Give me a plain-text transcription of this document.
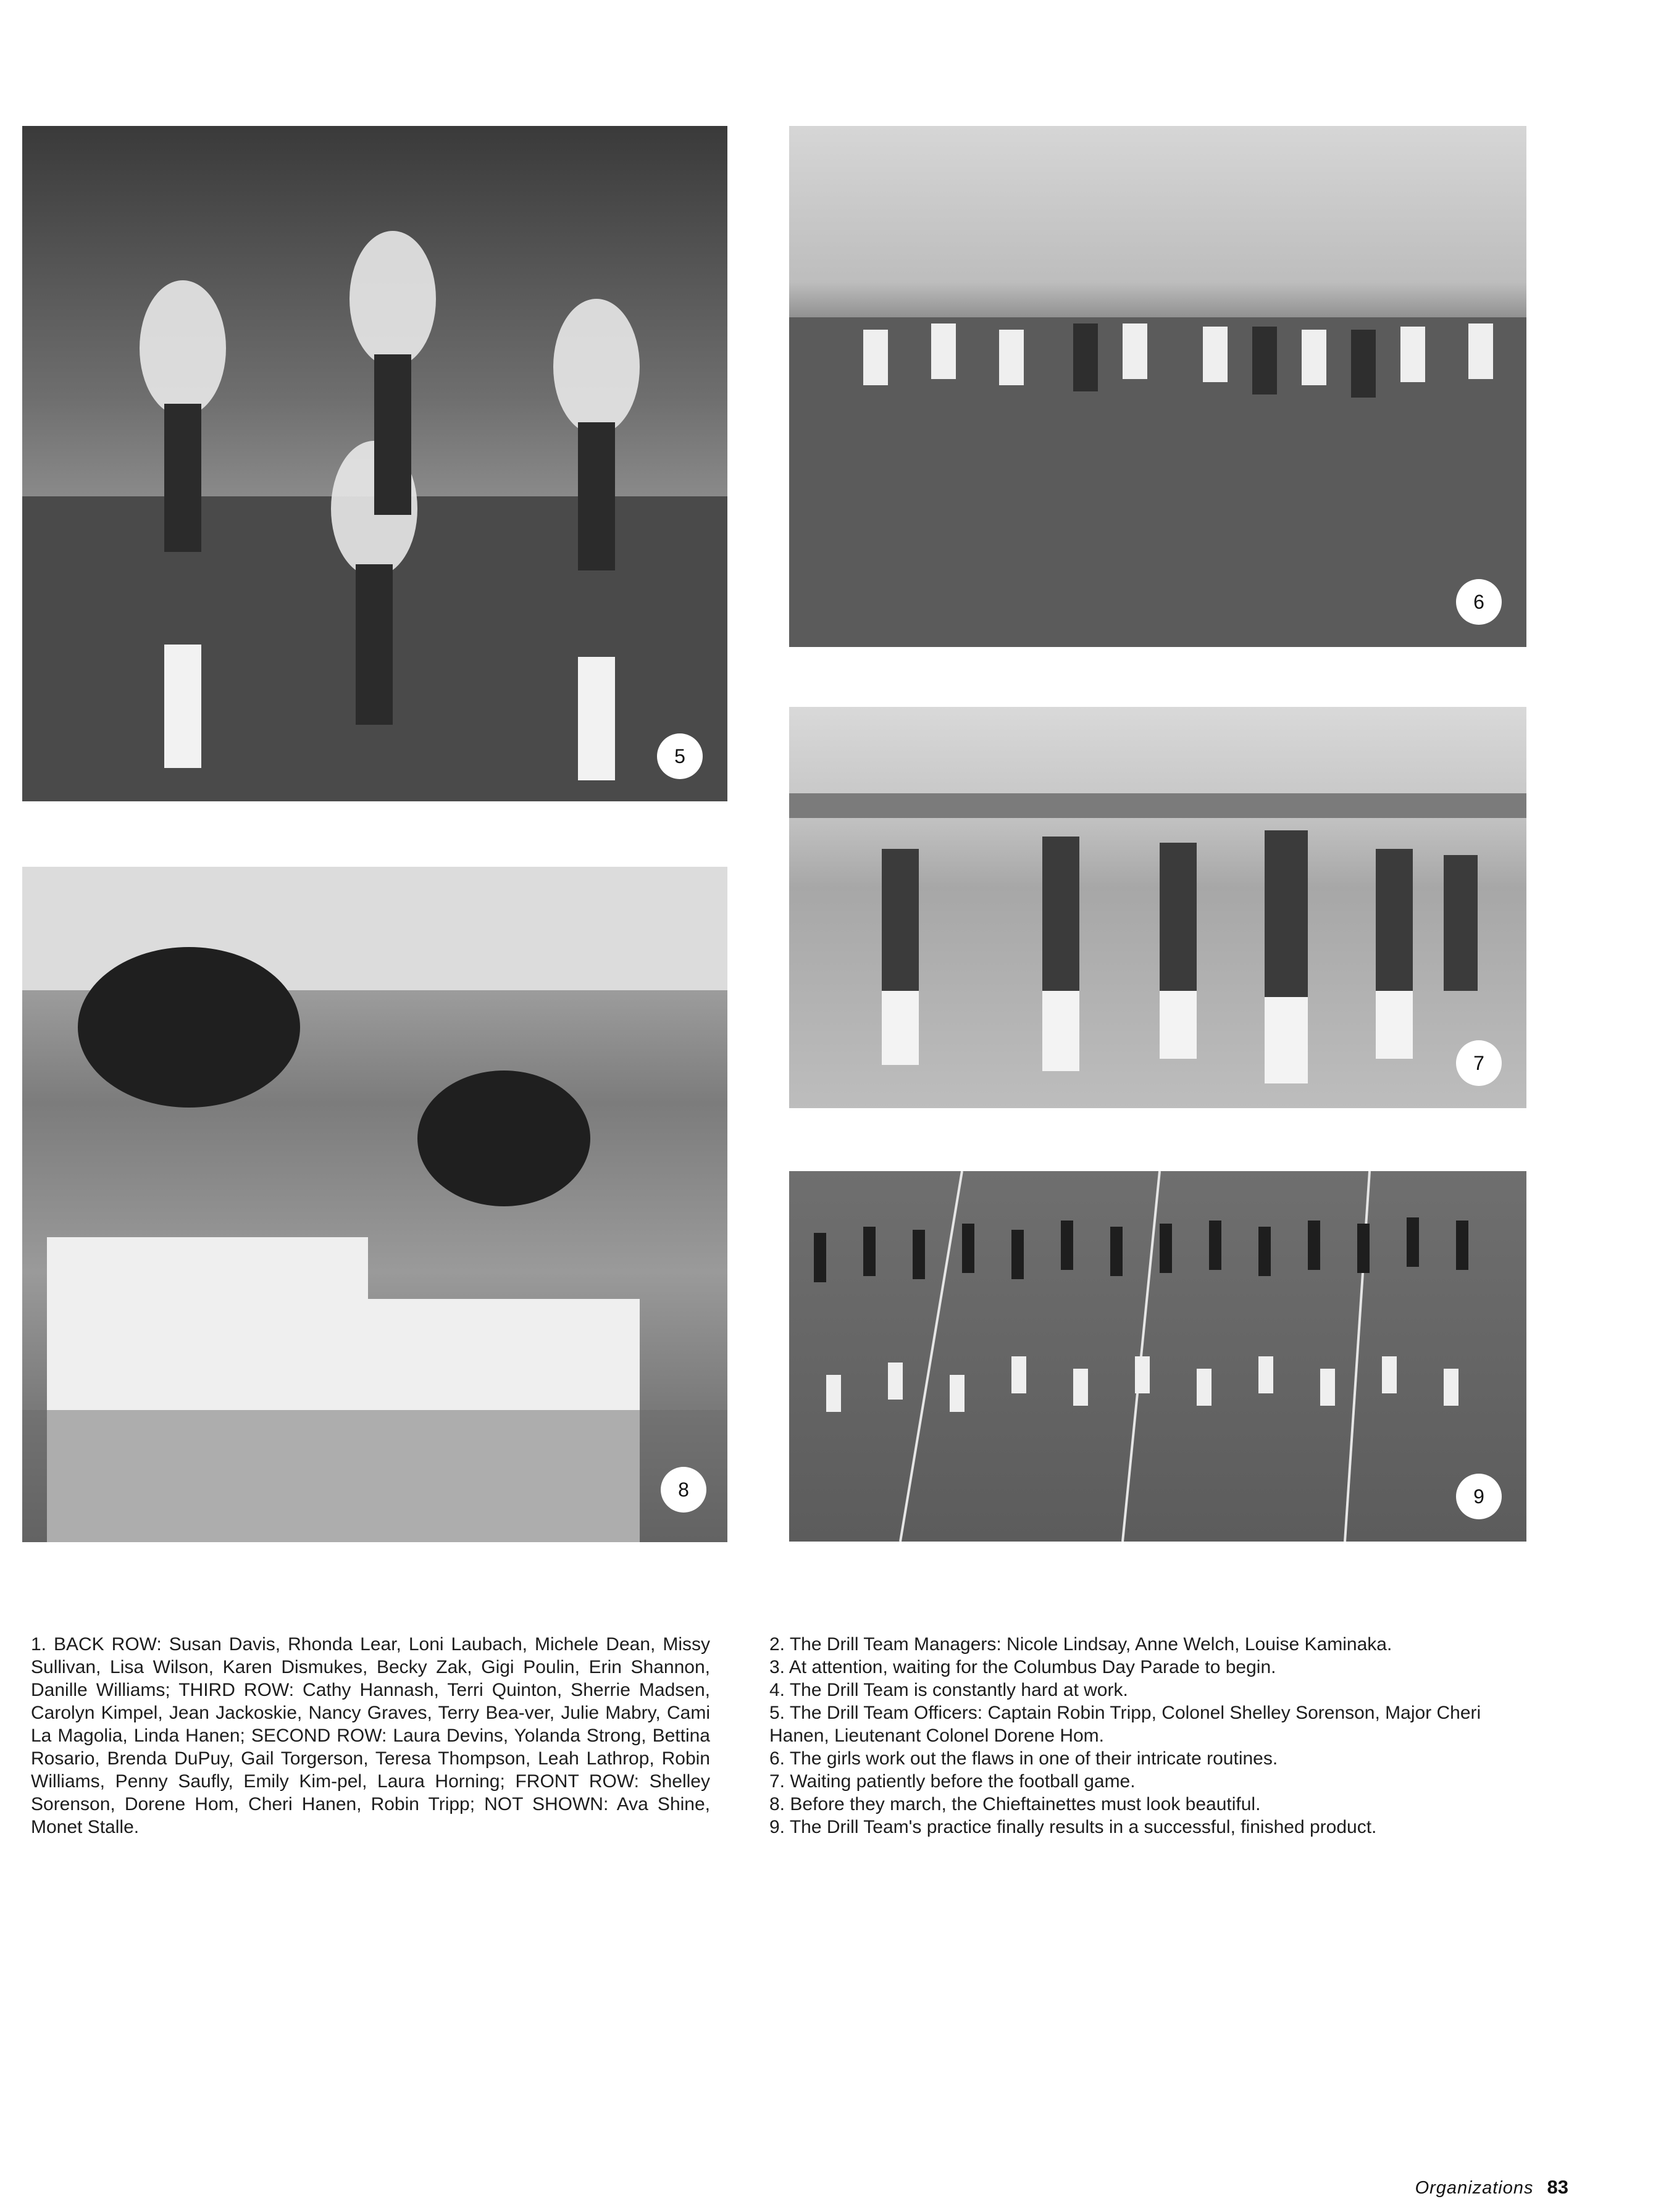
5
6
7
8	9

1. BACK ROW: Susan Davis, Rhonda Lear, Loni Laubach, Michele Dean, Missy Sullivan, Lisa Wilson, Karen Dismukes, Becky Zak, Gigi Poulin, Erin Shannon, Danille Williams; THIRD ROW: Cathy Hannash, Terri Quinton, Sherrie Madsen, Carolyn Kimpel, Jean Jackoskie, Nancy Graves, Terry Bea-ver, Julie Mabry, Cami La Magolia, Linda Hanen; SECOND ROW: Laura Devins, Yolanda Strong, Bettina Rosario, Brenda DuPuy, Gail Torgerson, Teresa Thompson, Leah Lathrop, Robin Williams, Penny Saufly, Emily Kim-pel, Laura Horning; FRONT ROW: Shelley Sorenson, Dorene Hom, Cheri Hanen, Robin Tripp; NOT SHOWN: Ava Shine, Monet Stalle.

2. The Drill Team Managers: Nicole Lindsay, Anne Welch, Louise Kaminaka.

3. At attention, waiting for the Columbus Day Parade to begin.

4. The Drill Team is constantly hard at work.

5. The Drill Team Officers: Captain Robin Tripp, Colonel Shelley Sorenson, Major Cheri Hanen, Lieutenant Colonel Dorene Hom.

6. The girls work out the flaws in one of their intricate routines.

7. Waiting patiently before the football game.

8. Before they march, the Chieftainettes must look beautiful.

9. The Drill Team's practice finally results in a successful, finished product.

Organizations 83
